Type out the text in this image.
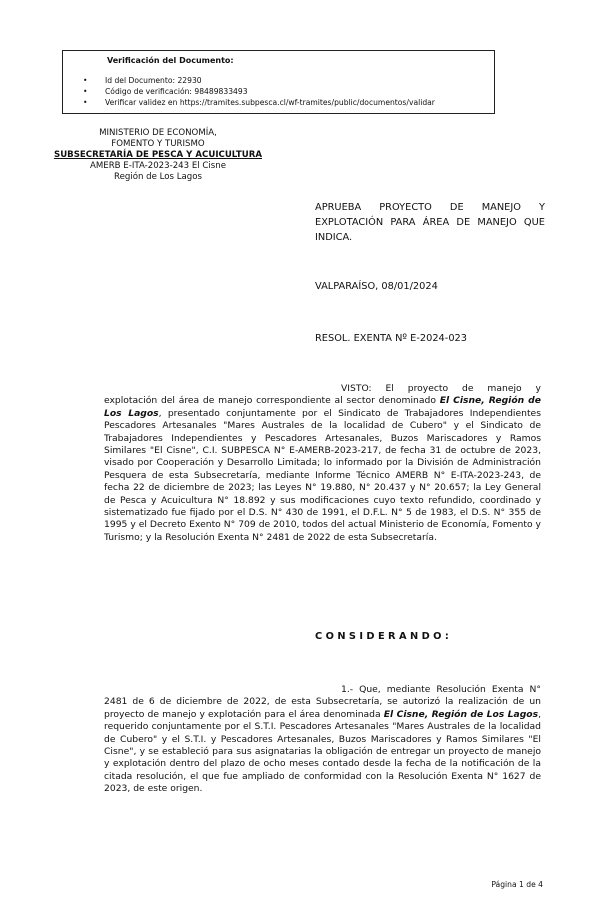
Verificación del Documento:
• Id del Documento: 22930
• Código de verificación: 98489833493
• Verificar validez en https://tramites.subpesca.cl/wf-tramites/public/documentos/validar
MINISTERIO DE ECONOMÍA,
FOMENTO Y TURISMO
SUBSECRETARÍA DE PESCA Y ACUICULTURA
AMERB E-ITA-2023-243 El Cisne
Región de Los Lagos
APRUEBA PROYECTO DE MANEJO Y EXPLOTACIÓN PARA ÁREA DE MANEJO QUE INDICA.
VALPARAÍSO, 08/01/2024
RESOL. EXENTA Nº E-2024-023
VISTO: El proyecto de manejo y explotación del área de manejo correspondiente al sector denominado El Cisne, Región de Los Lagos, presentado conjuntamente por el Sindicato de Trabajadores Independientes Pescadores Artesanales "Mares Australes de la localidad de Cubero" y el Sindicato de Trabajadores Independientes y Pescadores Artesanales, Buzos Mariscadores y Ramos Similares "El Cisne", C.I. SUBPESCA N° E-AMERB-2023-217, de fecha 31 de octubre de 2023, visado por Cooperación y Desarrollo Limitada; lo informado por la División de Administración Pesquera de esta Subsecretaría, mediante Informe Técnico AMERB N° E-ITA-2023-243, de fecha 22 de diciembre de 2023; las Leyes N° 19.880, N° 20.437 y N° 20.657; la Ley General de Pesca y Acuicultura N° 18.892 y sus modificaciones cuyo texto refundido, coordinado y sistematizado fue fijado por el D.S. N° 430 de 1991, el D.F.L. N° 5 de 1983, el D.S. N° 355 de 1995 y el Decreto Exento N° 709 de 2010, todos del actual Ministerio de Economía, Fomento y Turismo; y la Resolución Exenta N° 2481 de 2022 de esta Subsecretaría.
CONSIDERANDO:
1.- Que, mediante Resolución Exenta N° 2481 de 6 de diciembre de 2022, de esta Subsecretaría, se autorizó la realización de un proyecto de manejo y explotación para el área denominada El Cisne, Región de Los Lagos, requerido conjuntamente por el S.T.I. Pescadores Artesanales "Mares Australes de la localidad de Cubero" y el S.T.I. y Pescadores Artesanales, Buzos Mariscadores y Ramos Similares "El Cisne", y se estableció para sus asignatarias la obligación de entregar un proyecto de manejo y explotación dentro del plazo de ocho meses contado desde la fecha de la notificación de la citada resolución, el que fue ampliado de conformidad con la Resolución Exenta N° 1627 de 2023, de este origen.
Página 1 de 4
